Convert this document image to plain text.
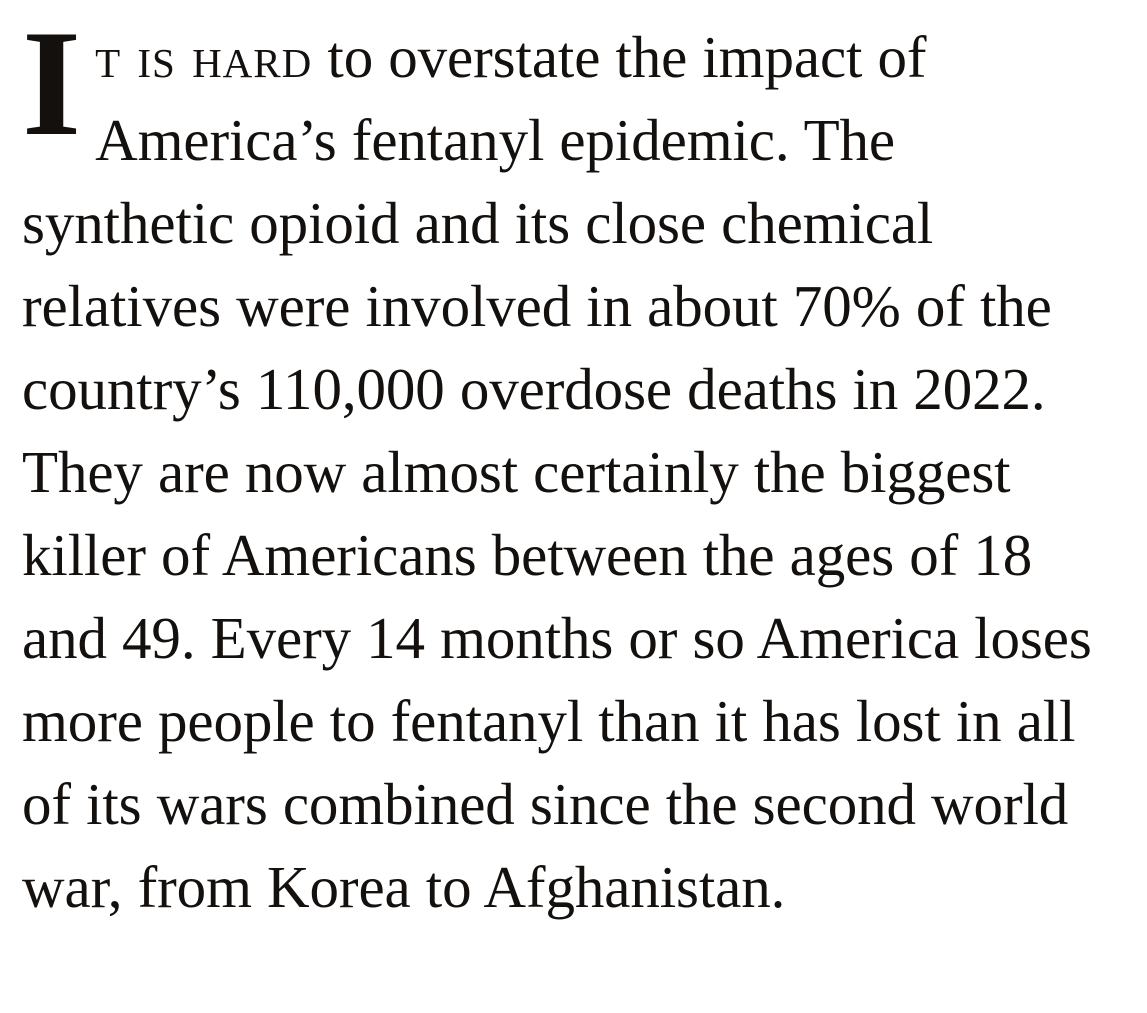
It is hard to overstate the impact of America’s fentanyl epidemic. The synthetic opioid and its close chemical relatives were involved in about 70% of the country’s 110,000 overdose deaths in 2022. They are now almost certainly the biggest killer of Americans between the ages of 18 and 49. Every 14 months or so America loses more people to fentanyl than it has lost in all of its wars combined since the second world war, from Korea to Afghanistan.
